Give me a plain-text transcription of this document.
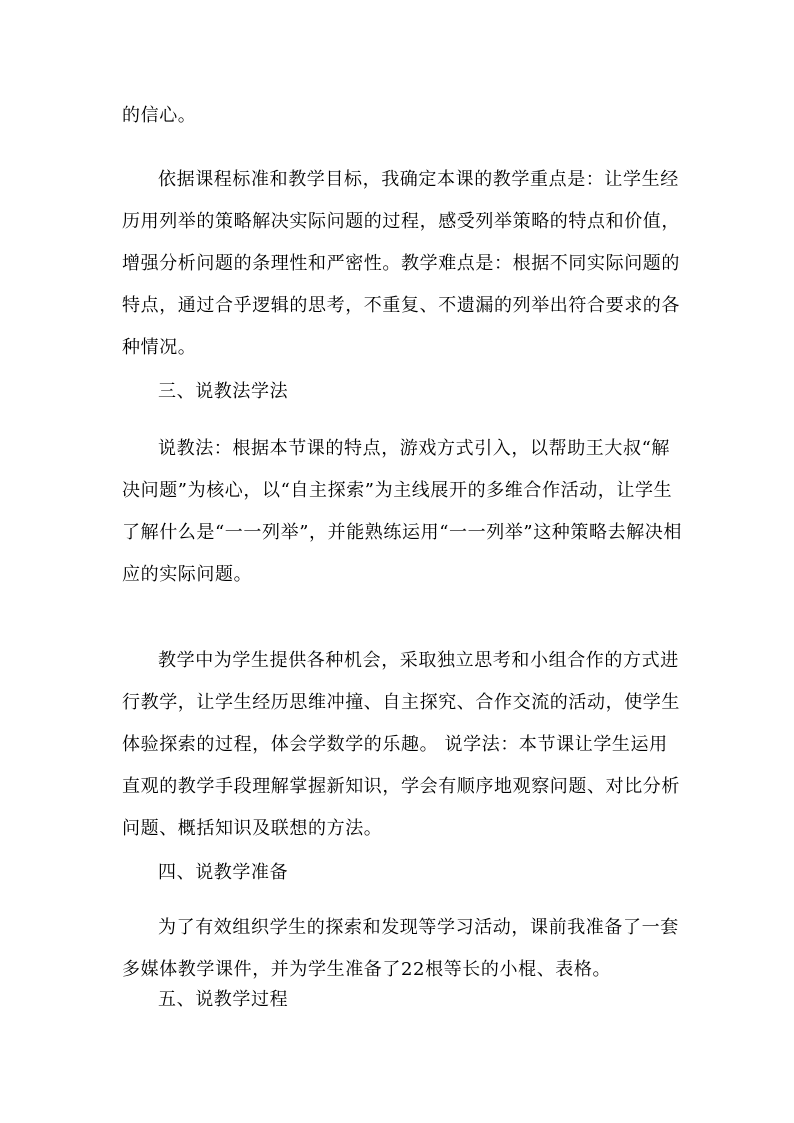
的信心。

依据课程标准和教学目标，我确定本课的教学重点是：让学生经历用列举的策略解决实际问题的过程，感受列举策略的特点和价值，增强分析问题的条理性和严密性。教学难点是：根据不同实际问题的特点，通过合乎逻辑的思考，不重复、不遗漏的列举出符合要求的各种情况。

三、说教法学法

说教法：根据本节课的特点，游戏方式引入，以帮助王大叔“解决问题”为核心，以“自主探索”为主线展开的多维合作活动，让学生了解什么是“一一列举”，并能熟练运用“一一列举”这种策略去解决相应的实际问题。

教学中为学生提供各种机会，采取独立思考和小组合作的方式进行教学，让学生经历思维冲撞、自主探究、合作交流的活动，使学生体验探索的过程，体会学数学的乐趣。 说学法：本节课让学生运用直观的教学手段理解掌握新知识，学会有顺序地观察问题、对比分析问题、概括知识及联想的方法。

四、说教学准备

为了有效组织学生的探索和发现等学习活动，课前我准备了一套多媒体教学课件，并为学生准备了22根等长的小棍、表格。

五、说教学过程
